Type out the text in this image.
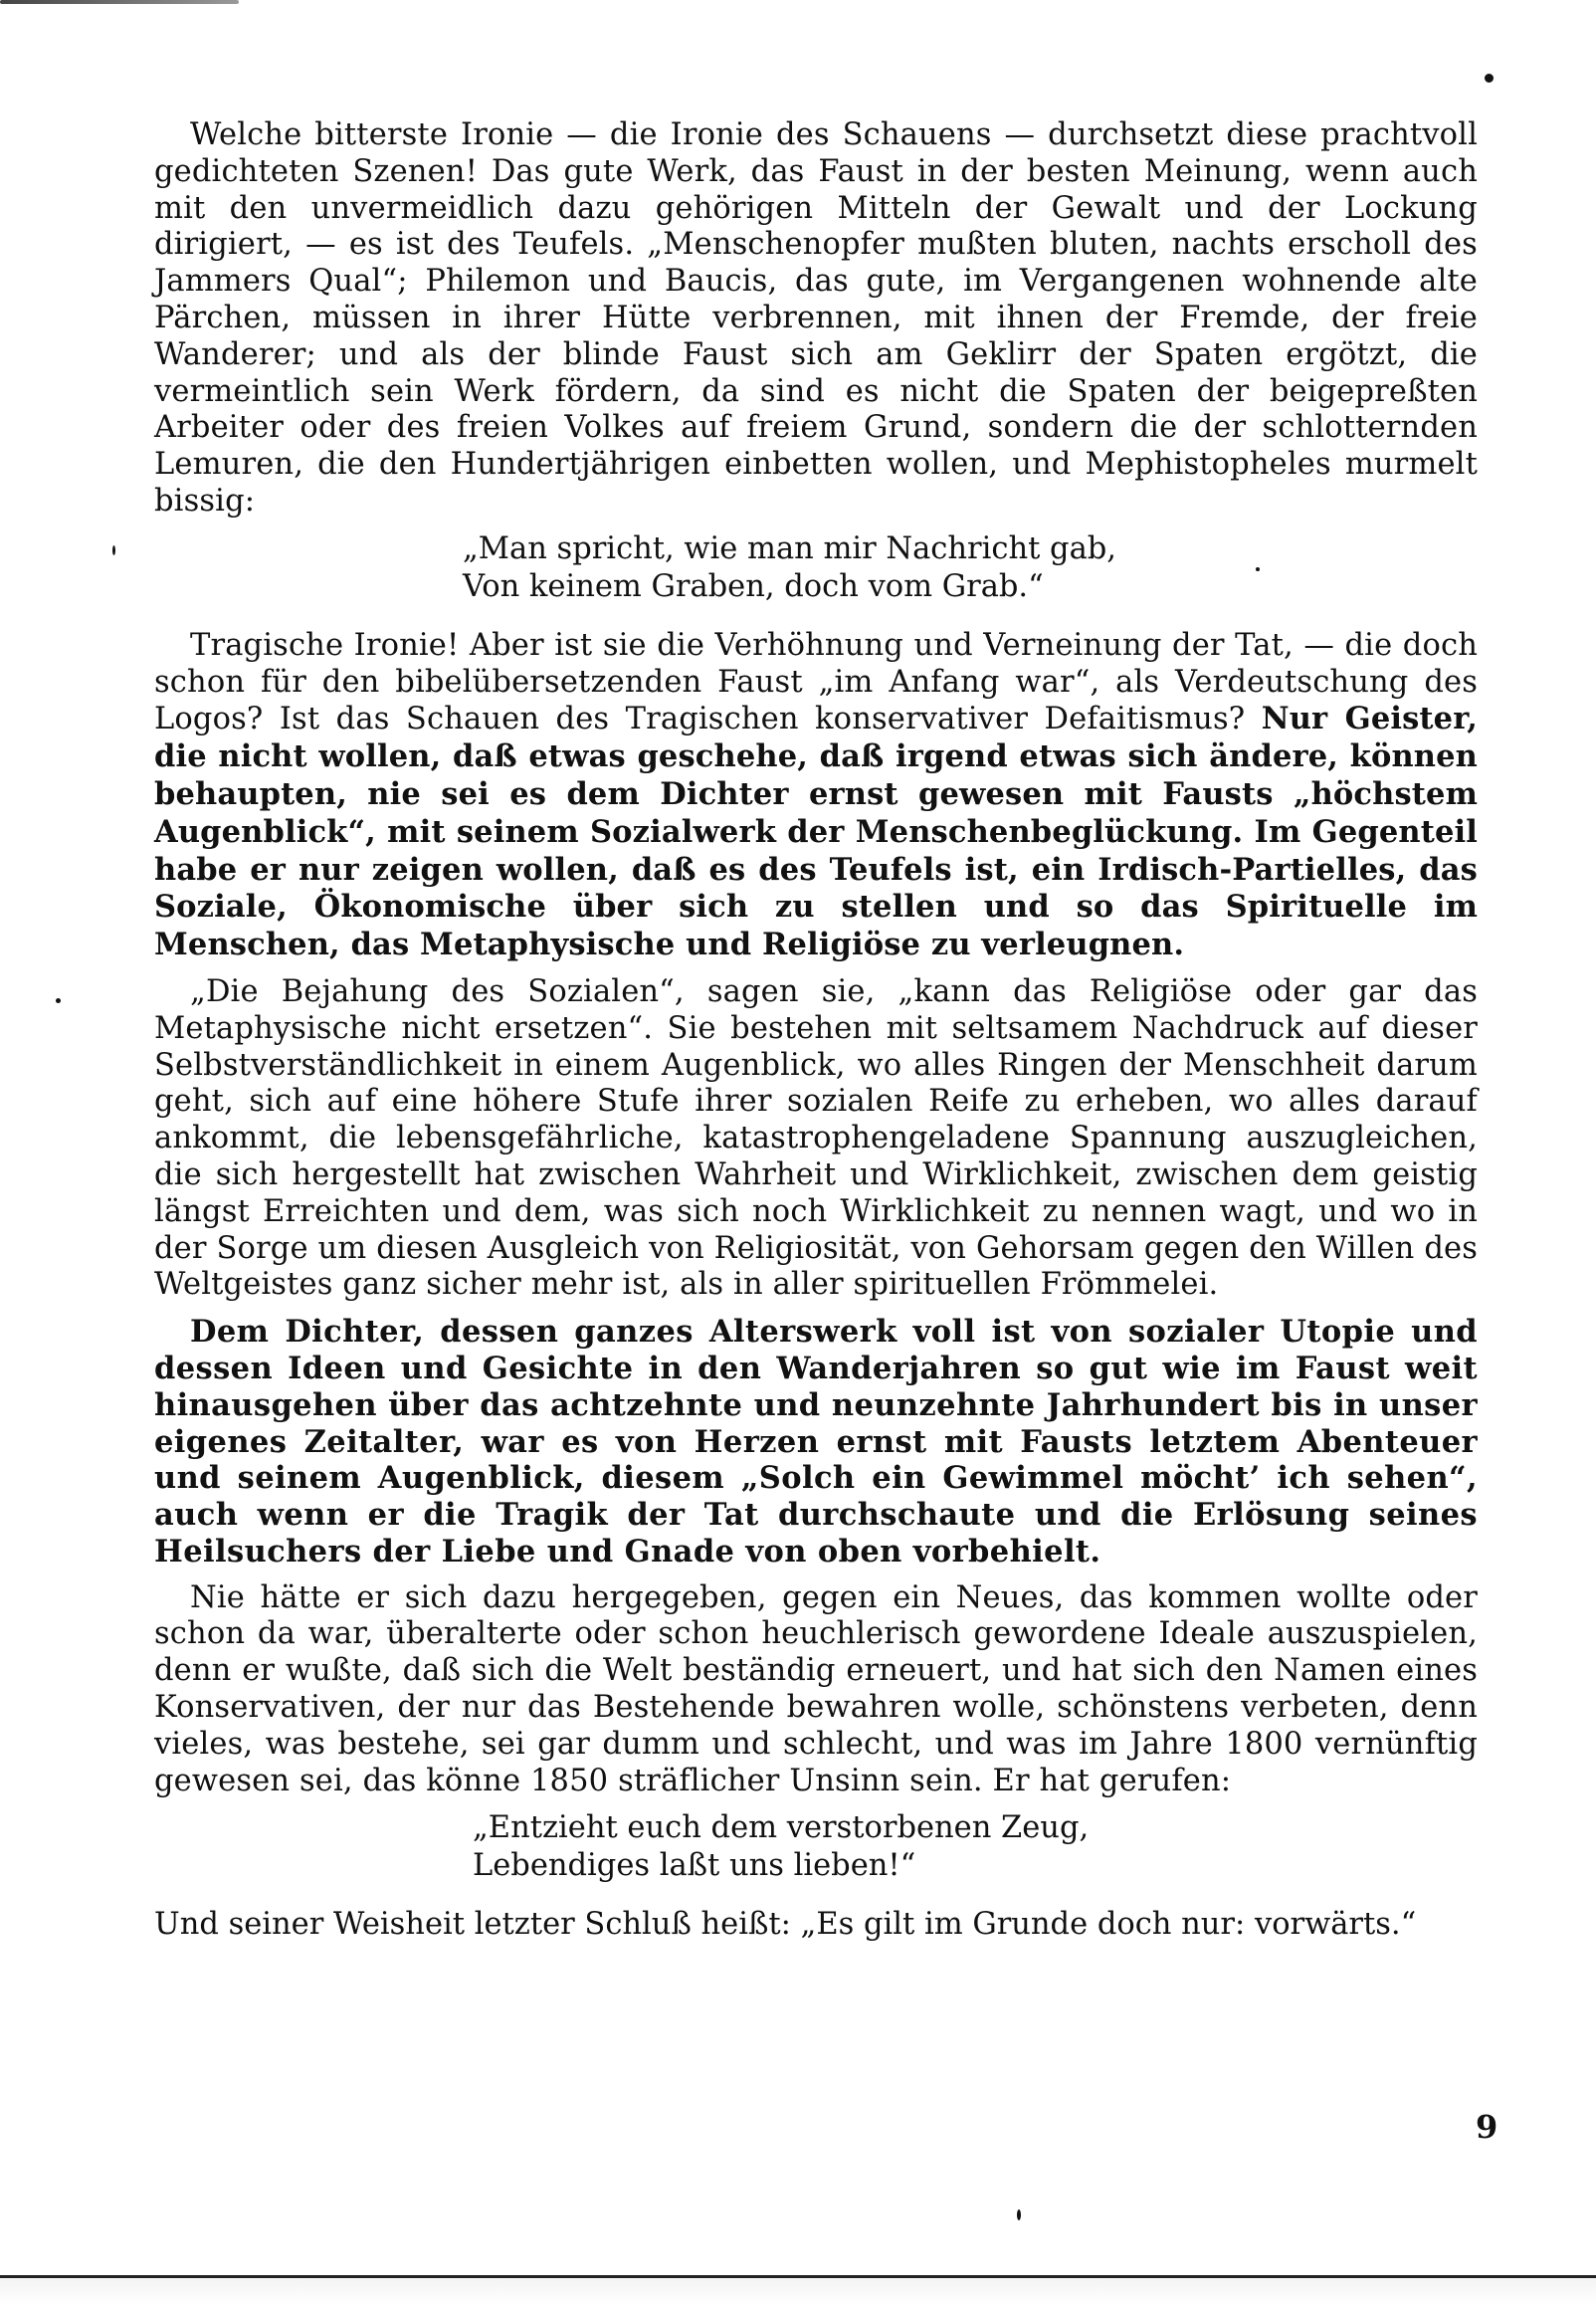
Welche bitterste Ironie — die Ironie des Schauens — durchsetzt diese prachtvoll gedichteten Szenen! Das gute Werk, das Faust in der besten Meinung, wenn auch mit den unvermeidlich dazu gehörigen Mitteln der Gewalt und der Lockung dirigiert, — es ist des Teufels. „Menschenopfer mußten bluten, nachts erscholl des Jammers Qual“; Philemon und Baucis, das gute, im Vergangenen wohnende alte Pärchen, müssen in ihrer Hütte verbrennen, mit ihnen der Fremde, der freie Wanderer; und als der blinde Faust sich am Geklirr der Spaten ergötzt, die vermeintlich sein Werk fördern, da sind es nicht die Spaten der beigepreßten Arbeiter oder des freien Volkes auf freiem Grund, sondern die der schlotternden Lemuren, die den Hundertjährigen einbetten wollen, und Mephistopheles murmelt bissig:

„Man spricht, wie man mir Nachricht gab,
Von keinem Graben, doch vom Grab.“

Tragische Ironie! Aber ist sie die Verhöhnung und Verneinung der Tat, — die doch schon für den bibelübersetzenden Faust „im Anfang war“, als Verdeutschung des Logos? Ist das Schauen des Tragischen konservativer Defaitismus? Nur Geister, die nicht wollen, daß etwas geschehe, daß irgend etwas sich ändere, können behaupten, nie sei es dem Dichter ernst gewesen mit Fausts „höchstem Augenblick“, mit seinem Sozialwerk der Menschenbeglückung. Im Gegenteil habe er nur zeigen wollen, daß es des Teufels ist, ein Irdisch-Partielles, das Soziale, Ökonomische über sich zu stellen und so das Spirituelle im Menschen, das Metaphysische und Religiöse zu verleugnen.

„Die Bejahung des Sozialen“, sagen sie, „kann das Religiöse oder gar das Metaphysische nicht ersetzen“. Sie bestehen mit seltsamem Nachdruck auf dieser Selbstverständlichkeit in einem Augenblick, wo alles Ringen der Menschheit darum geht, sich auf eine höhere Stufe ihrer sozialen Reife zu erheben, wo alles darauf ankommt, die lebensgefährliche, katastrophengeladene Spannung auszugleichen, die sich hergestellt hat zwischen Wahrheit und Wirklichkeit, zwischen dem geistig längst Erreichten und dem, was sich noch Wirklichkeit zu nennen wagt, und wo in der Sorge um diesen Ausgleich von Religiosität, von Gehorsam gegen den Willen des Weltgeistes ganz sicher mehr ist, als in aller spirituellen Frömmelei.

Dem Dichter, dessen ganzes Alterswerk voll ist von sozialer Utopie und dessen Ideen und Gesichte in den Wanderjahren so gut wie im Faust weit hinausgehen über das achtzehnte und neunzehnte Jahrhundert bis in unser eigenes Zeitalter, war es von Herzen ernst mit Fausts letztem Abenteuer und seinem Augenblick, diesem „Solch ein Gewimmel möcht’ ich sehen“, auch wenn er die Tragik der Tat durchschaute und die Erlösung seines Heilsuchers der Liebe und Gnade von oben vorbehielt.

Nie hätte er sich dazu hergegeben, gegen ein Neues, das kommen wollte oder schon da war, überalterte oder schon heuchlerisch gewordene Ideale auszuspielen, denn er wußte, daß sich die Welt beständig erneuert, und hat sich den Namen eines Konservativen, der nur das Bestehende bewahren wolle, schönstens verbeten, denn vieles, was bestehe, sei gar dumm und schlecht, und was im Jahre 1800 vernünftig gewesen sei, das könne 1850 sträflicher Unsinn sein. Er hat gerufen:

„Entzieht euch dem verstorbenen Zeug,
Lebendiges laßt uns lieben!“

Und seiner Weisheit letzter Schluß heißt: „Es gilt im Grunde doch nur: vorwärts.“

9
